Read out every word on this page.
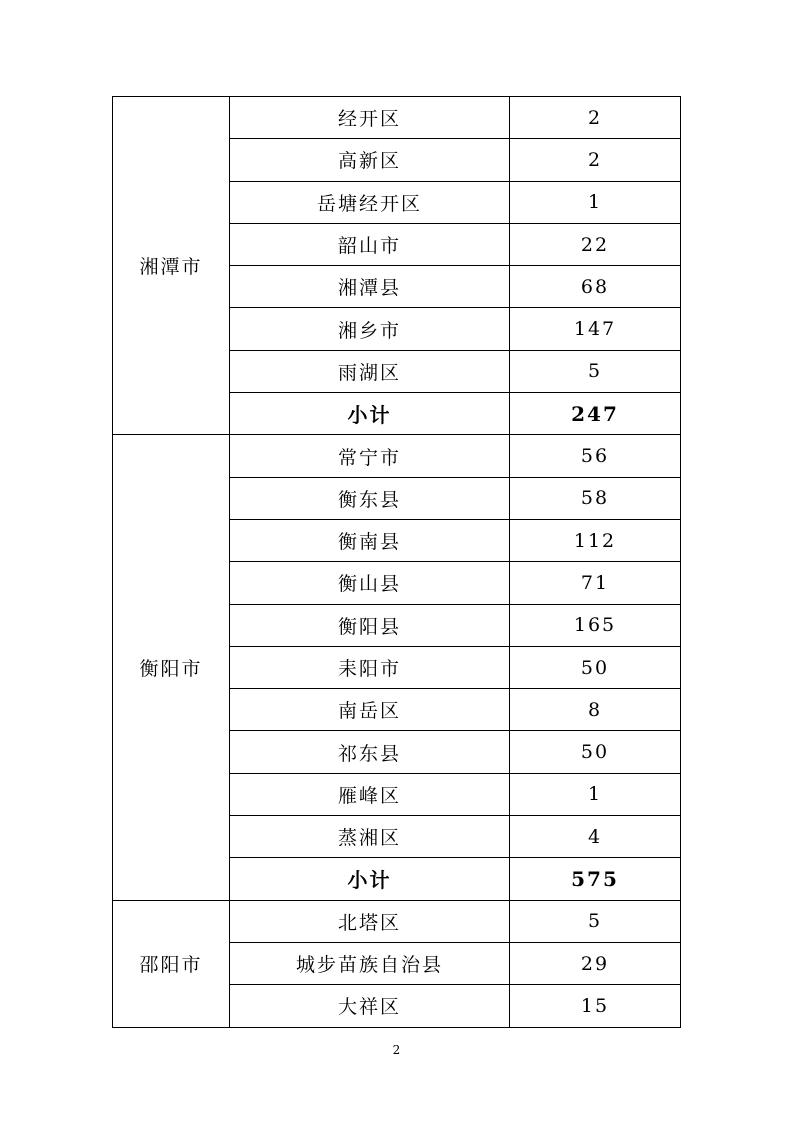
湘潭市	经开区	2
	高新区	2
	岳塘经开区	1
	韶山市	22
	湘潭县	68
	湘乡市	147
	雨湖区	5
	小计	247
衡阳市	常宁市	56
	衡东县	58
	衡南县	112
	衡山县	71
	衡阳县	165
	耒阳市	50
	南岳区	8
	祁东县	50
	雁峰区	1
	蒸湘区	4
	小计	575
邵阳市	北塔区	5
	城步苗族自治县	29
	大祥区	15
2
